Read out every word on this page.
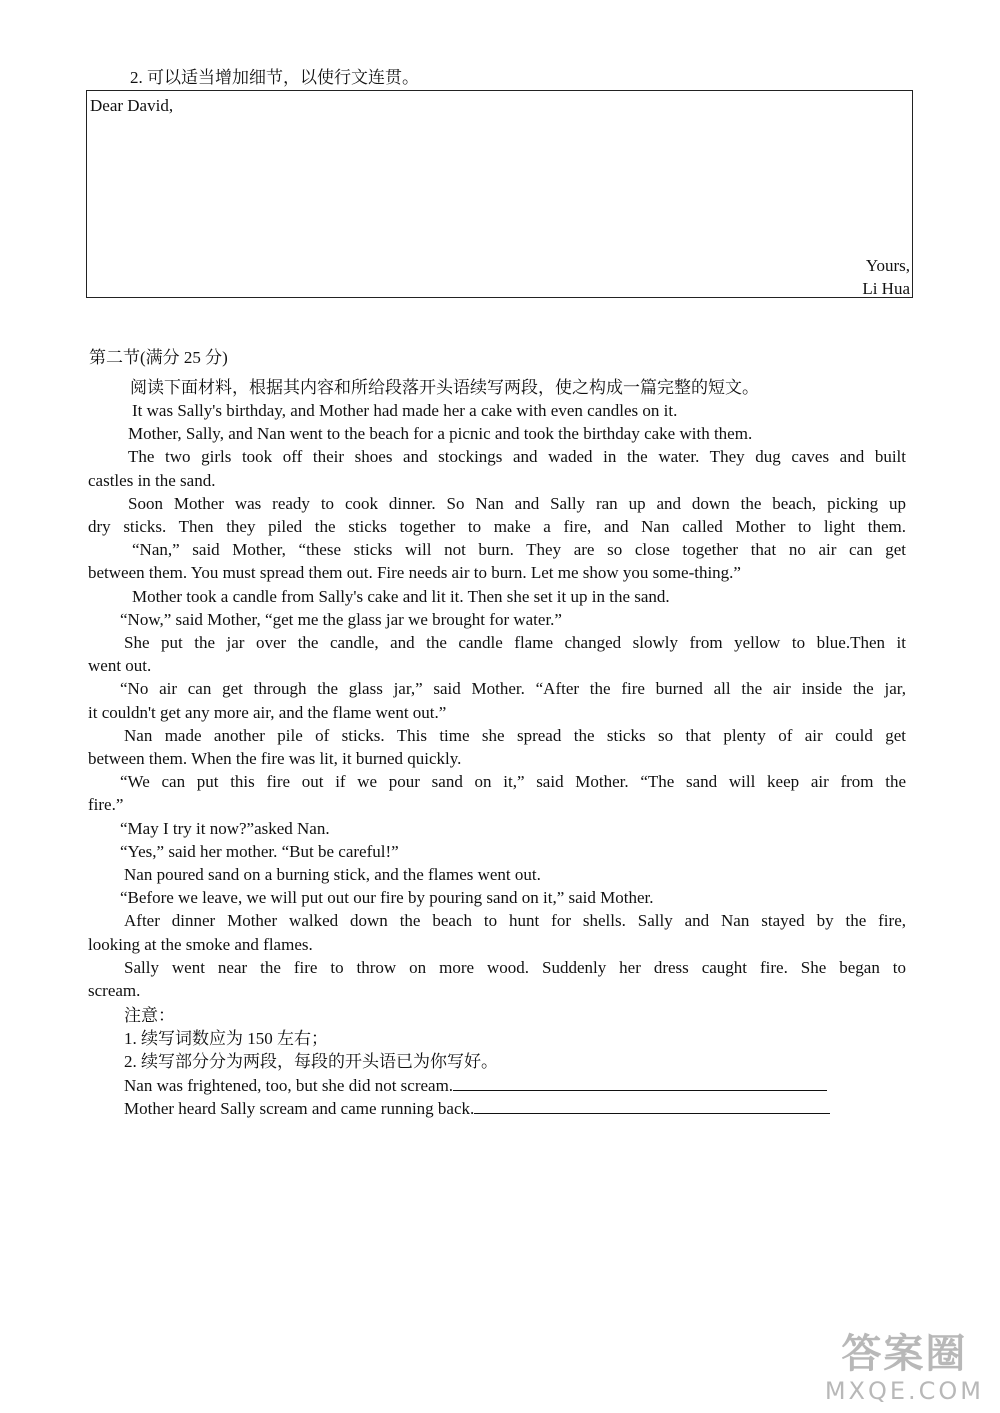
2. 可以适当增加细节，以使行文连贯。
Dear David,
Yours,
Li Hua
第二节(满分 25 分)
阅读下面材料，根据其内容和所给段落开头语续写两段，使之构成一篇完整的短文。
It was Sally's birthday, and Mother had made her a cake with even candles on it.
Mother, Sally, and Nan went to the beach for a picnic and took the birthday cake with them.
The two girls took off their shoes and stockings and waded in the water. They dug caves and built
castles in the sand.
Soon Mother was ready to cook dinner. So Nan and Sally ran up and down the beach, picking up
dry sticks. Then they piled the sticks together to make a fire, and Nan called Mother to light them.
“Nan,” said Mother, “these sticks will not burn. They are so close together that no air can get
between them. You must spread them out. Fire needs air to burn. Let me show you some-thing.”
Mother took a candle from Sally's cake and lit it. Then she set it up in the sand.
“Now,” said Mother, “get me the glass jar we brought for water.”
She put the jar over the candle, and the candle flame changed slowly from yellow to blue.Then it
went out.
“No air can get through the glass jar,” said Mother. “After the fire burned all the air inside the jar,
it couldn't get any more air, and the flame went out.”
Nan made another pile of sticks. This time she spread the sticks so that plenty of air could get
between them. When the fire was lit, it burned quickly.
“We can put this fire out if we pour sand on it,” said Mother. “The sand will keep air from the
fire.”
“May I try it now?”asked Nan.
“Yes,” said her mother. “But be careful!”
Nan poured sand on a burning stick, and the flames went out.
“Before we leave, we will put out our fire by pouring sand on it,” said Mother.
After dinner Mother walked down the beach to hunt for shells. Sally and Nan stayed by the fire,
looking at the smoke and flames.
Sally went near the fire to throw on more wood. Suddenly her dress caught fire. She began to
scream.
注意：
1. 续写词数应为 150 左右；
2. 续写部分分为两段，每段的开头语已为你写好。
Nan was frightened, too, but she did not scream.
Mother heard Sally scream and came running back.
答案圈
MXQE.COM
